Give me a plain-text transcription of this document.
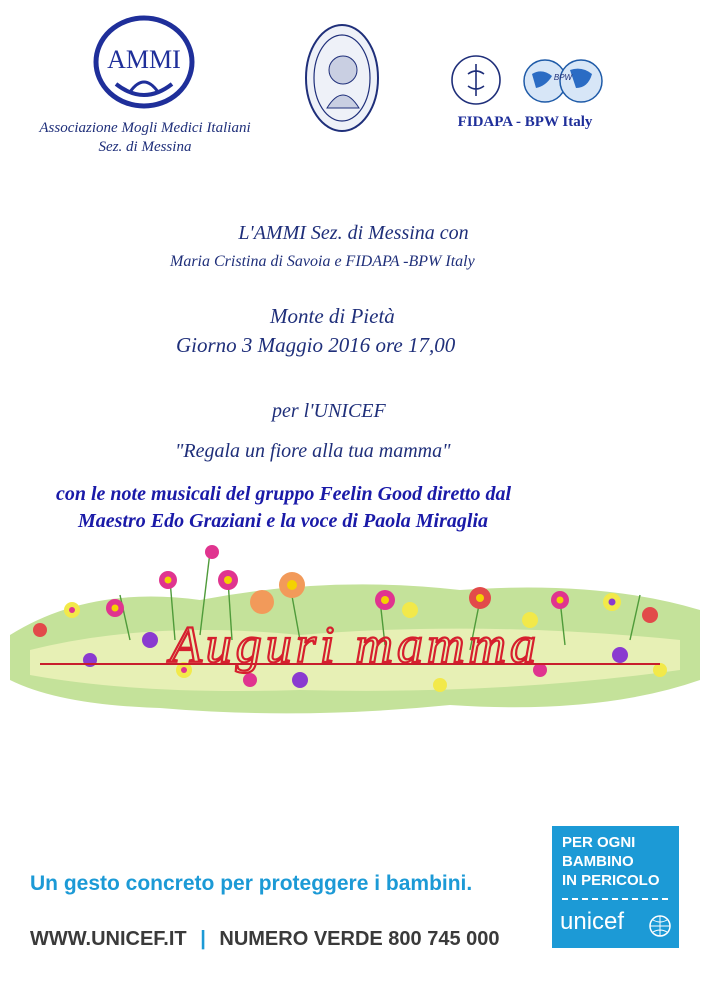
AMMI
Associazione Mogli Medici Italiani
Sez. di Messina
BPW
FIDAPA - BPW Italy
L'AMMI Sez. di Messina con
Maria Cristina di Savoia e FIDAPA -BPW Italy
Monte di Pietà
Giorno 3 Maggio 2016 ore 17,00
per l'UNICEF
"Regala un fiore alla tua mamma"
con le note musicali del gruppo Feelin Good diretto dal
Maestro Edo Graziani e la voce di Paola Miraglia
Auguri mamma
Un gesto concreto per proteggere i bambini.
WWW.UNICEF.IT | NUMERO VERDE 800 745 000
PER OGNI
BAMBINO
IN PERICOLO
unicef
